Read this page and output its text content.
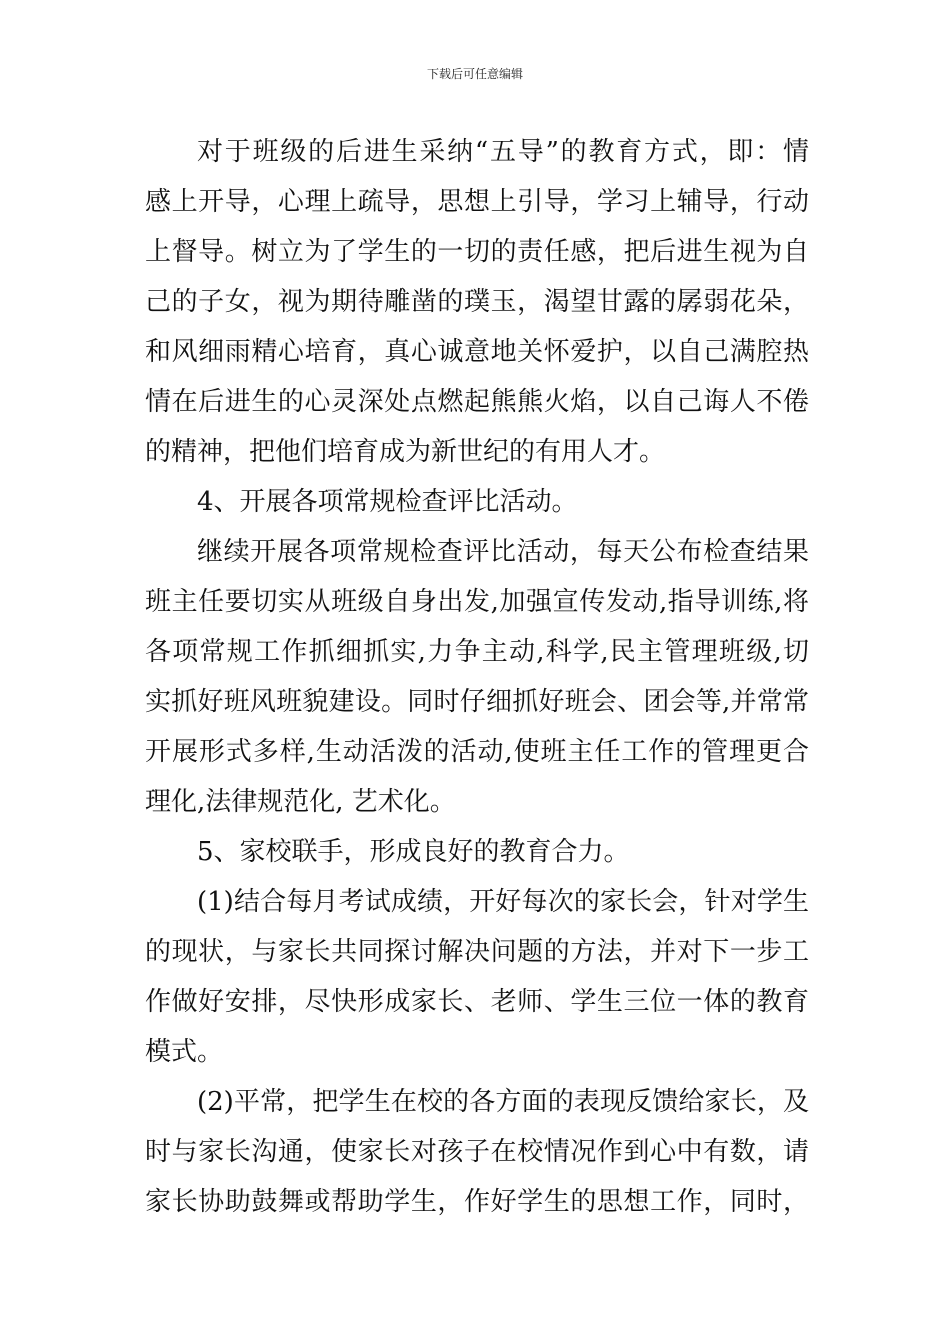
下载后可任意编辑
对于班级的后进生采纳“五导”的教育方式，即：情
感上开导，心理上疏导，思想上引导，学习上辅导，行动
上督导。树立为了学生的一切的责任感，把后进生视为自
己的子女，视为期待雕凿的璞玉，渴望甘露的孱弱花朵，
和风细雨精心培育，真心诚意地关怀爱护，以自己满腔热
情在后进生的心灵深处点燃起熊熊火焰，以自己诲人不倦
的精神，把他们培育成为新世纪的有用人才。
4、开展各项常规检查评比活动。
继续开展各项常规检查评比活动，每天公布检查结果
班主任要切实从班级自身出发,加强宣传发动,指导训练,将
各项常规工作抓细抓实,力争主动,科学,民主管理班级,切
实抓好班风班貌建设。同时仔细抓好班会、团会等,并常常
开展形式多样,生动活泼的活动,使班主任工作的管理更合
理化,法律规范化, 艺术化。
5、家校联手，形成良好的教育合力。
(1)结合每月考试成绩，开好每次的家长会，针对学生
的现状，与家长共同探讨解决问题的方法，并对下一步工
作做好安排，尽快形成家长、老师、学生三位一体的教育
模式。
(2)平常，把学生在校的各方面的表现反馈给家长，及
时与家长沟通，使家长对孩子在校情况作到心中有数，请
家长协助鼓舞或帮助学生，作好学生的思想工作，同时，
